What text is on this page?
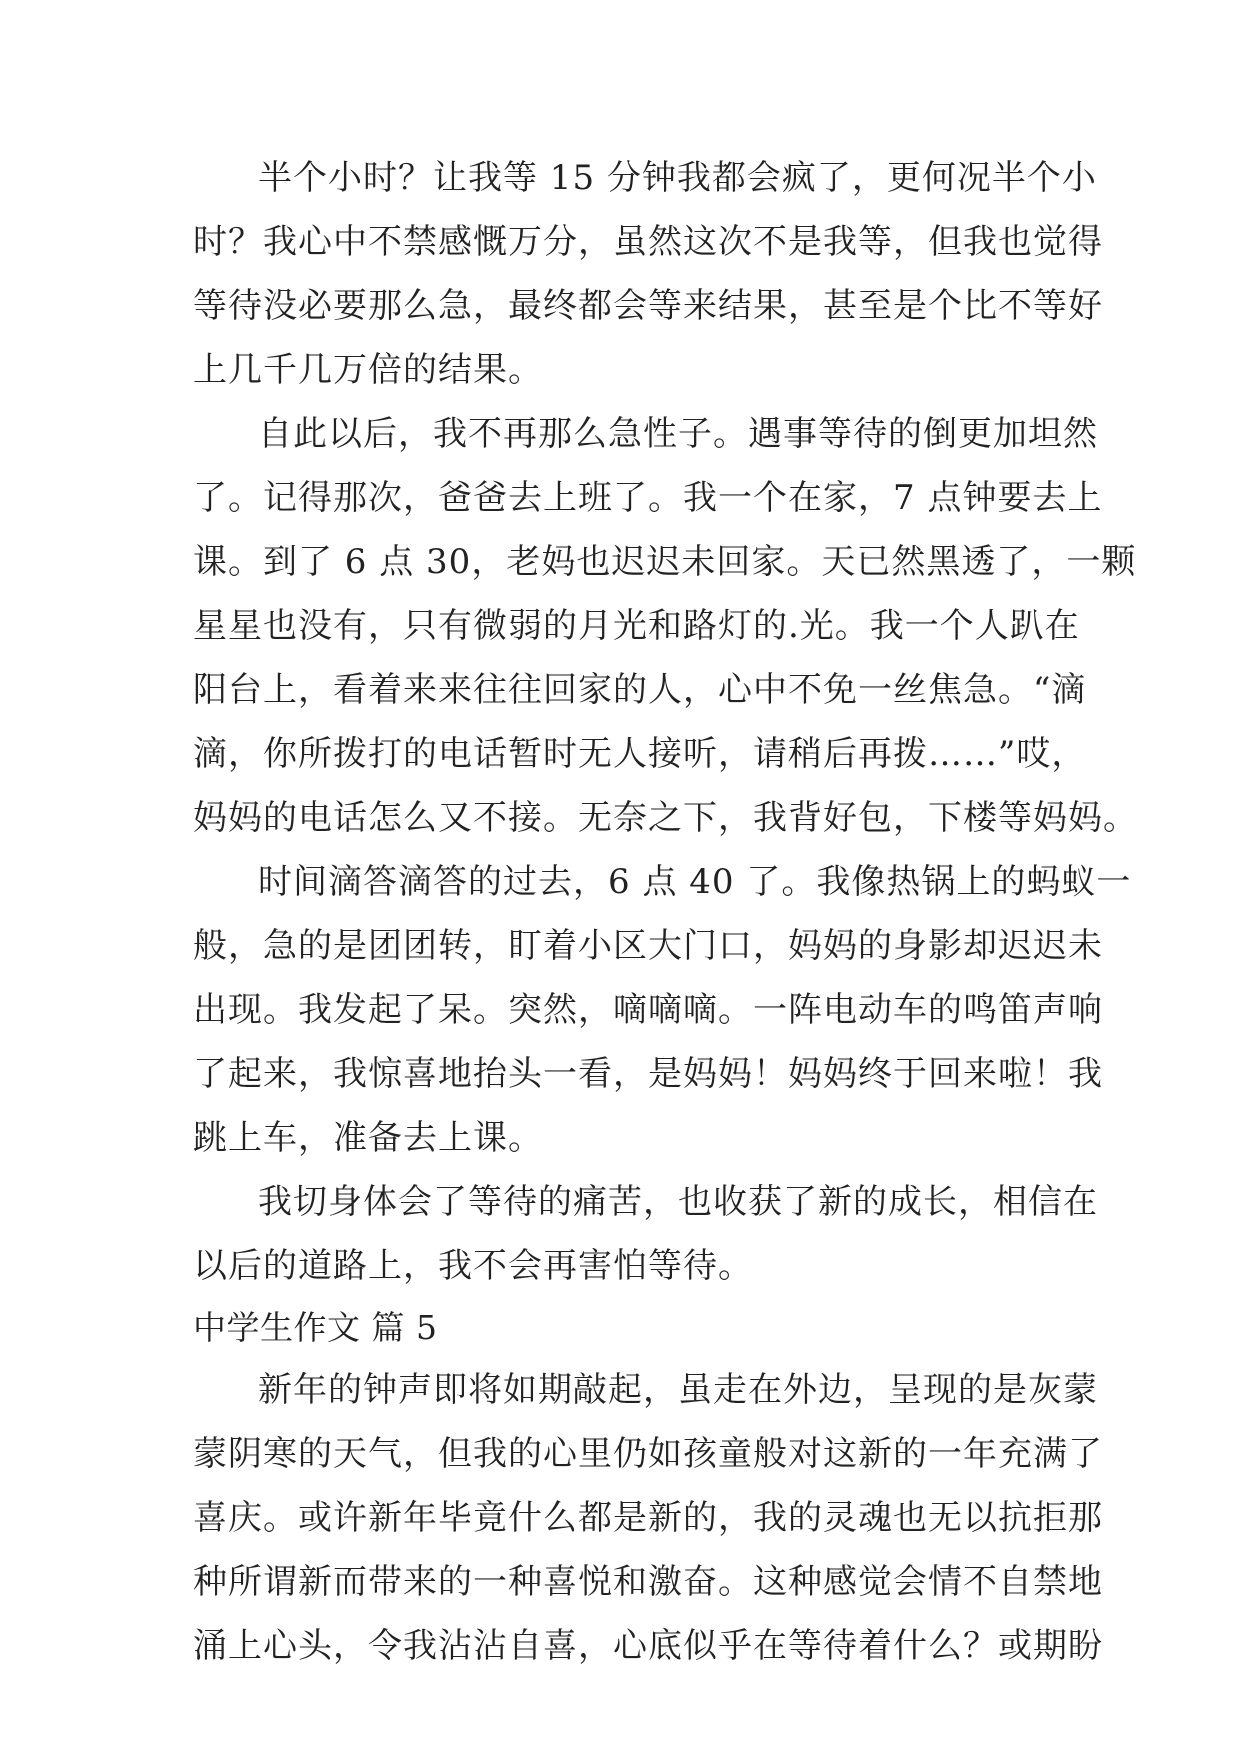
半个小时？让我等 15 分钟我都会疯了，更何况半个小
时？我心中不禁感慨万分，虽然这次不是我等，但我也觉得
等待没必要那么急，最终都会等来结果，甚至是个比不等好
上几千几万倍的结果。
自此以后，我不再那么急性子。遇事等待的倒更加坦然
了。记得那次，爸爸去上班了。我一个在家，7 点钟要去上
课。到了 6 点 30，老妈也迟迟未回家。天已然黑透了，一颗
星星也没有，只有微弱的月光和路灯的.光。我一个人趴在
阳台上，看着来来往往回家的人，心中不免一丝焦急。“滴
滴，你所拨打的电话暂时无人接听，请稍后再拨……”哎，
妈妈的电话怎么又不接。无奈之下，我背好包，下楼等妈妈。
时间滴答滴答的过去，6 点 40 了。我像热锅上的蚂蚁一
般，急的是团团转，盯着小区大门口，妈妈的身影却迟迟未
出现。我发起了呆。突然，嘀嘀嘀。一阵电动车的鸣笛声响
了起来，我惊喜地抬头一看，是妈妈！妈妈终于回来啦！我
跳上车，准备去上课。
我切身体会了等待的痛苦，也收获了新的成长，相信在
以后的道路上，我不会再害怕等待。
中学生作文 篇 5
新年的钟声即将如期敲起，虽走在外边，呈现的是灰蒙
蒙阴寒的天气，但我的心里仍如孩童般对这新的一年充满了
喜庆。或许新年毕竟什么都是新的，我的灵魂也无以抗拒那
种所谓新而带来的一种喜悦和激奋。这种感觉会情不自禁地
涌上心头，令我沾沾自喜，心底似乎在等待着什么？或期盼
